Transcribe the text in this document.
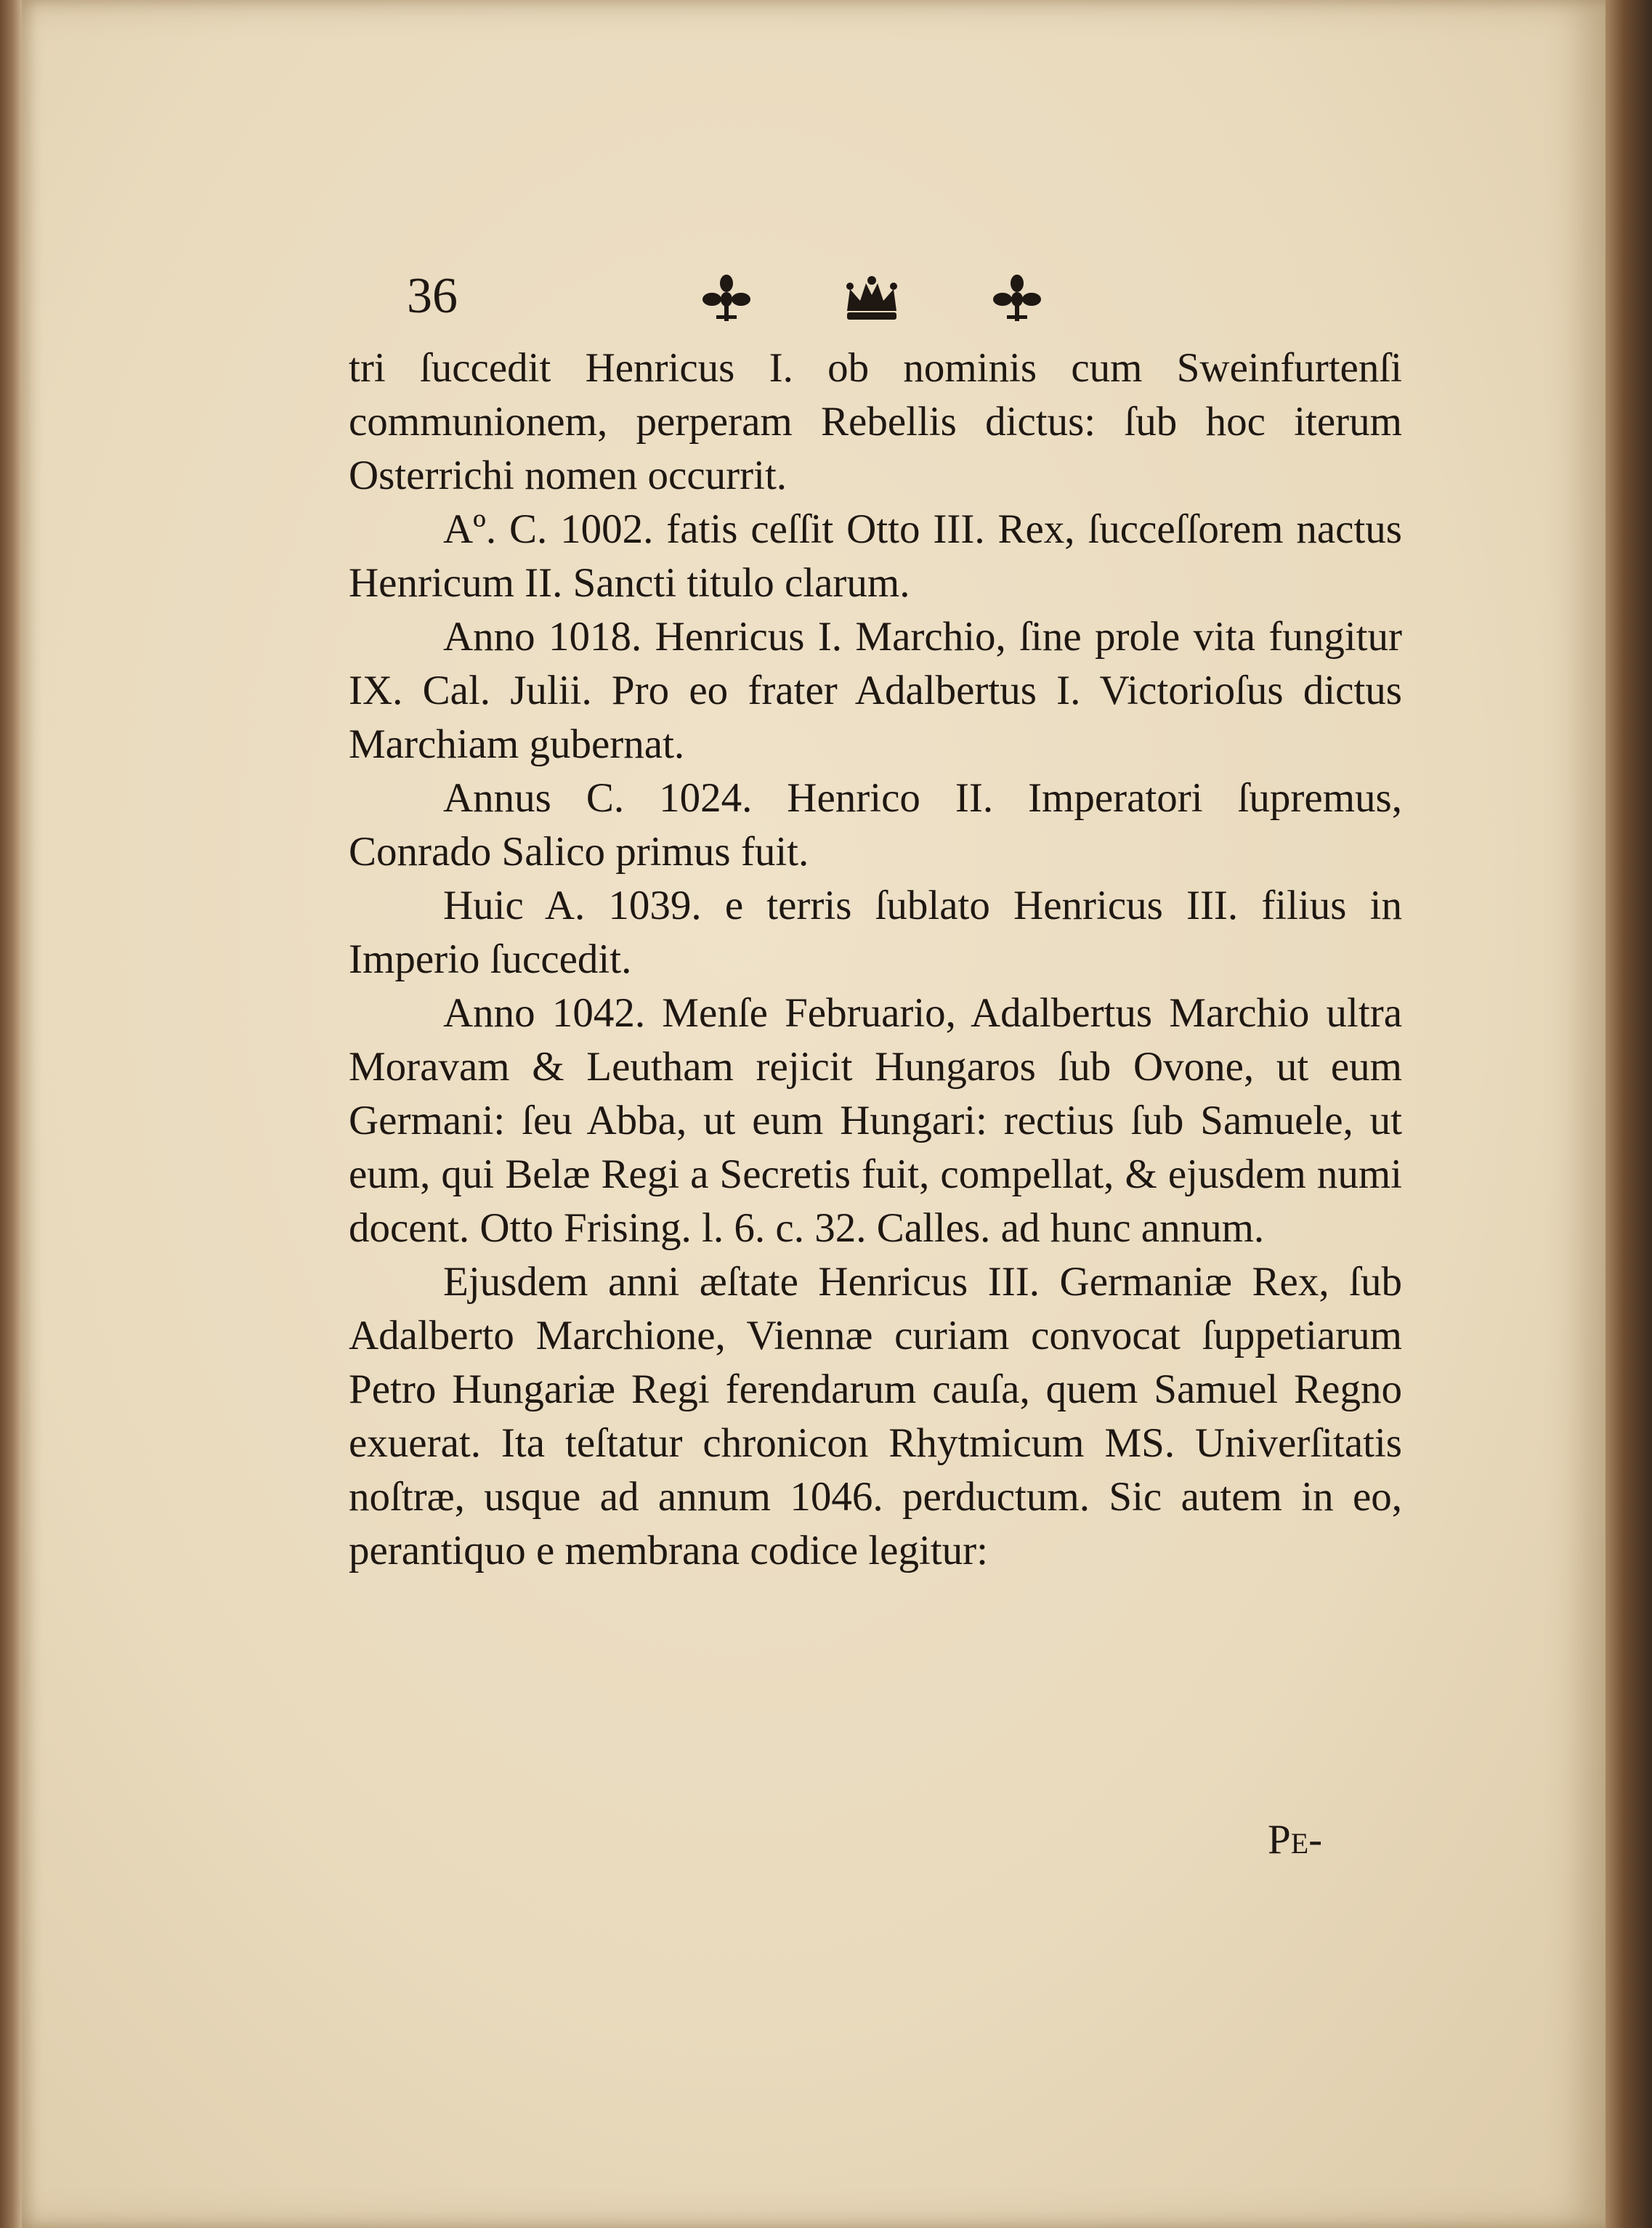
36

tri ſuccedit Henricus I. ob nominis cum Sweinfurtenſi communionem, perperam Rebellis dictus: ſub hoc iterum Osterrichi nomen occurrit.

Aº. C. 1002. fatis ceſſit Otto III. Rex, ſucceſſorem nactus Henricum II. Sancti titulo clarum.

Anno 1018. Henricus I. Marchio, ſine prole vita fungitur IX. Cal. Julii. Pro eo frater Adalbertus I. Victorioſus dictus Marchiam gubernat.

Annus C. 1024. Henrico II. Imperatori ſupremus, Conrado Salico primus fuit.

Huic A. 1039. e terris ſublato Henricus III. filius in Imperio ſuccedit.

Anno 1042. Menſe Februario, Adalbertus Marchio ultra Moravam & Leutham rejicit Hungaros ſub Ovone, ut eum Germani: ſeu Abba, ut eum Hungari: rectius ſub Samuele, ut eum, qui Belæ Regi a Secretis fuit, compellat, & ejusdem numi docent. Otto Frising. l. 6. c. 32. Calles. ad hunc annum.

Ejusdem anni æſtate Henricus III. Germaniæ Rex, ſub Adalberto Marchione, Viennæ curiam convocat ſuppetiarum Petro Hungariæ Regi ferendarum cauſa, quem Samuel Regno exuerat. Ita teſtatur chronicon Rhytmicum MS. Univerſitatis noſtræ, usque ad annum 1046. perductum. Sic autem in eo, perantiquo e membrana codice legitur:

Pe-
